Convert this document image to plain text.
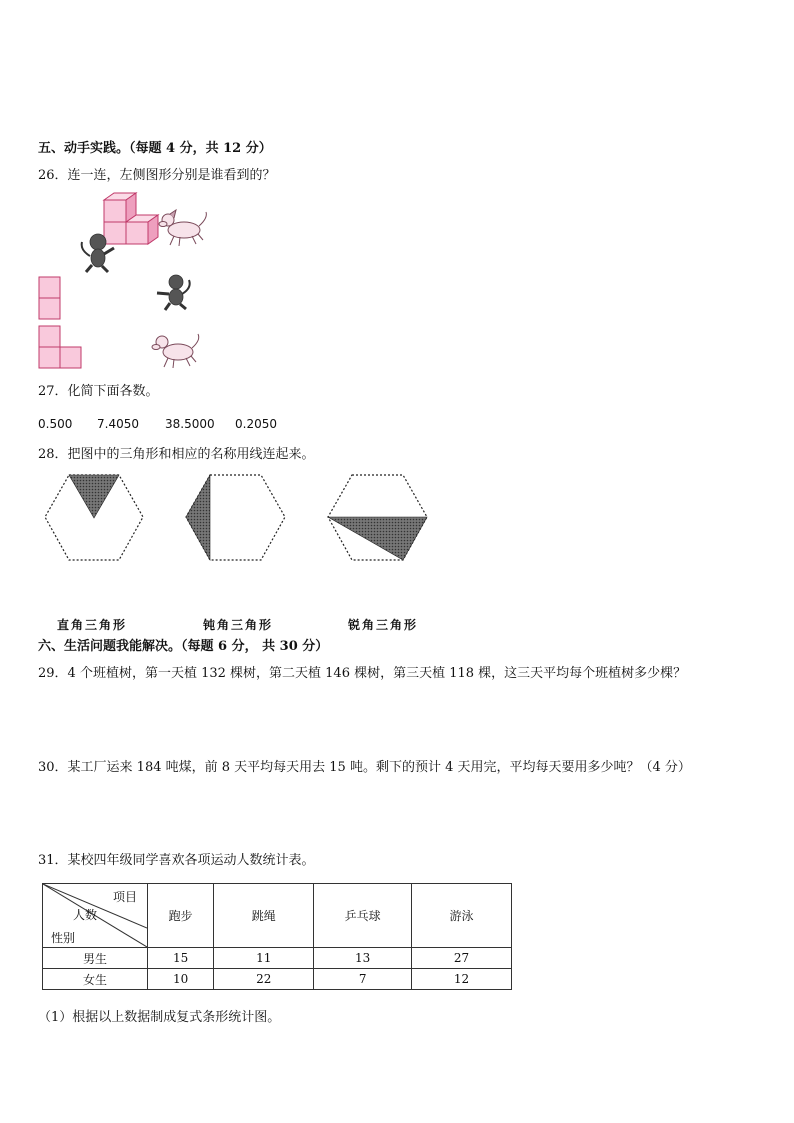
五、动手实践。（每题 4 分，共 12 分）
26．连一连，左侧图形分别是谁看到的？
27．化简下面各数。
0.500 7.4050 38.5000 0.2050
28．把图中的三角形和相应的名称用线连起来。
直角三角形	钝角三角形	锐角三角形
六、生活问题我能解决。（每题 6 分， 共 30 分）
29．4 个班植树，第一天植 132 棵树，第二天植 146 棵树，第三天植 118 棵，这三天平均每个班植树多少棵？
30．某工厂运来 184 吨煤，前 8 天平均每天用去 15 吨。剩下的预计 4 天用完，平均每天要用多少吨？（4 分）
31．某校四年级同学喜欢各项运动人数统计表。
项目
人数
性别	跑步	跳绳	乒乓球	游泳
男生	15	11	13	27
女生	10	22	7	12
（1）根据以上数据制成复式条形统计图。
